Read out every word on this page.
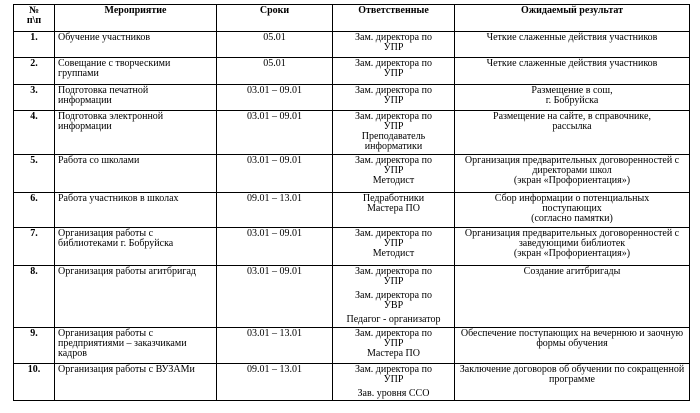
№
п\п	Мероприятие	Сроки	Ответственные	Ожидаемый результат
1.	Обучение участников	05.01	Зам. директора по
УПР	Четкие слаженные действия участников

2.	Совещание с творческими
группами	05.01	Зам. директора по
УПР	Четкие слаженные действия участников

3.	Подготовка печатной
информации	03.01 – 09.01	Зам. директора по
УПР	Размещение в сош,
г. Бобруйска

4.	Подготовка электронной
информации	03.01 – 09.01	Зам. директора по
УПР
Преподаватель
информатики	Размещение на сайте, в справочнике,
рассылка

5.	Работа со школами	03.01 – 09.01	Зам. директора по
УПР
Методист	Организация предварительных договоренностей с
директорами школ
(экран «Профориентация»)

6.	Работа участников в школах	09.01 – 13.01	Педработники
Мастера ПО	Сбор информации о потенциальных
поступающих
(согласно памятки)

7.	Организация работы с
библиотеками г. Бобруйска	03.01 – 09.01	Зам. директора по
УПР
Методист	Организация предварительных договоренностей с
заведующими библиотек
(экран «Профориентация»)

8.	Организация работы агитбригад	03.01 – 09.01	Зам. директора по
УПР
Зам. директора по
УВР
Педагог - организатор	Создание агитбригады

9.	Организация работы с
предприятиями – заказчиками
кадров	03.01 – 13.01	Зам. директора по
УПР
Мастера ПО	Обеспечение поступающих на вечернюю и заочную
формы обучения

10.	Организация работы с ВУЗАМи	09.01 – 13.01	Зам. директора по
УПР
Зав. уровня ССО	Заключение договоров об обучении по сокращенной
программе
